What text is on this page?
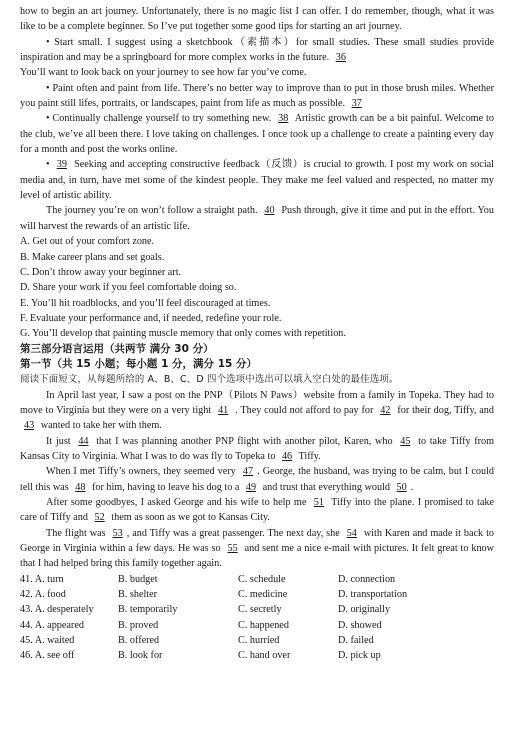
how to begin an art journey. Unfortunately, there is no magic list I can offer. I do remember, though, what it was like to be a complete beginner. So I’ve put together some good tips for starting an art journey.

• Start small. I suggest using a sketchbook（素描本）for small studies. These small studies provide inspiration and may be a springboard for more complex works in the future. 36

You’ll want to look back on your journey to see how far you’ve come.

• Paint often and paint from life. There’s no better way to improve than to put in those brush miles. Whether you paint still lifes, portraits, or landscapes, paint from life as much as possible. 37

• Continually challenge yourself to try something new. 38 Artistic growth can be a bit painful. Welcome to the club, we’ve all been there. I love taking on challenges. I once took up a challenge to create a painting every day for a month and post the works online.

• 39 Seeking and accepting constructive feedback（反馈）is crucial to growth. I post my work on social media and, in turn, have met some of the kindest people. They make me feel valued and respected, no matter my level of artistic ability.

The journey you’re on won’t follow a straight path. 40 Push through, give it time and put in the effort. You will harvest the rewards of an artistic life.

A. Get out of your comfort zone.

B. Make career plans and set goals.

C. Don’t throw away your beginner art.

D. Share your work if you feel comfortable doing so.

E. You’ll hit roadblocks, and you’ll feel discouraged at times.

F. Evaluate your performance and, if needed, redefine your role.

G. You’ll develop that painting muscle memory that only comes with repetition.

第三部分语言运用（共两节 满分 30 分）

第一节（共 15 小题；每小题 1 分，满分 15 分）

阅读下面短文，从每题所给的 A、B、C、D 四个选项中选出可以填入空白处的最佳选项。

In April last year, I saw a post on the PNP（Pilots N Paws）website from a family in Topeka. They had to move to Virginia but they were on a very tight 41 . They could not afford to pay for 42 for their dog, Tiffy, and 43 wanted to take her with them.

It just 44 that I was planning another PNP flight with another pilot, Karen, who 45 to take Tiffy from Kansas City to Virginia. What I was to do was fly to Topeka to 46 Tiffy.

When I met Tiffy’s owners, they seemed very 47 . George, the husband, was trying to be calm, but I could tell this was 48 for him, having to leave his dog to a 49 and trust that everything would 50 .

After some goodbyes, I asked George and his wife to help me 51 Tiffy into the plane. I promised to take care of Tiffy and 52 them as soon as we got to Kansas City.

The flight was 53 , and Tiffy was a great passenger. The next day, she 54 with Karen and made it back to George in Virginia within a few days. He was so 55 and sent me a nice e-mail with pictures. It felt great to know that I had helped bring this family together again.

41. A. turn	B. budget	C. schedule	D. connection
42. A. food	B. shelter	C. medicine	D. transportation
43. A. desperately	B. temporarily	C. secretly	D. originally
44. A. appeared	B. proved	C. happened	D. showed
45. A. waited	B. offered	C. hurried	D. failed
46. A. see off	B. look for	C. hand over	D. pick up
